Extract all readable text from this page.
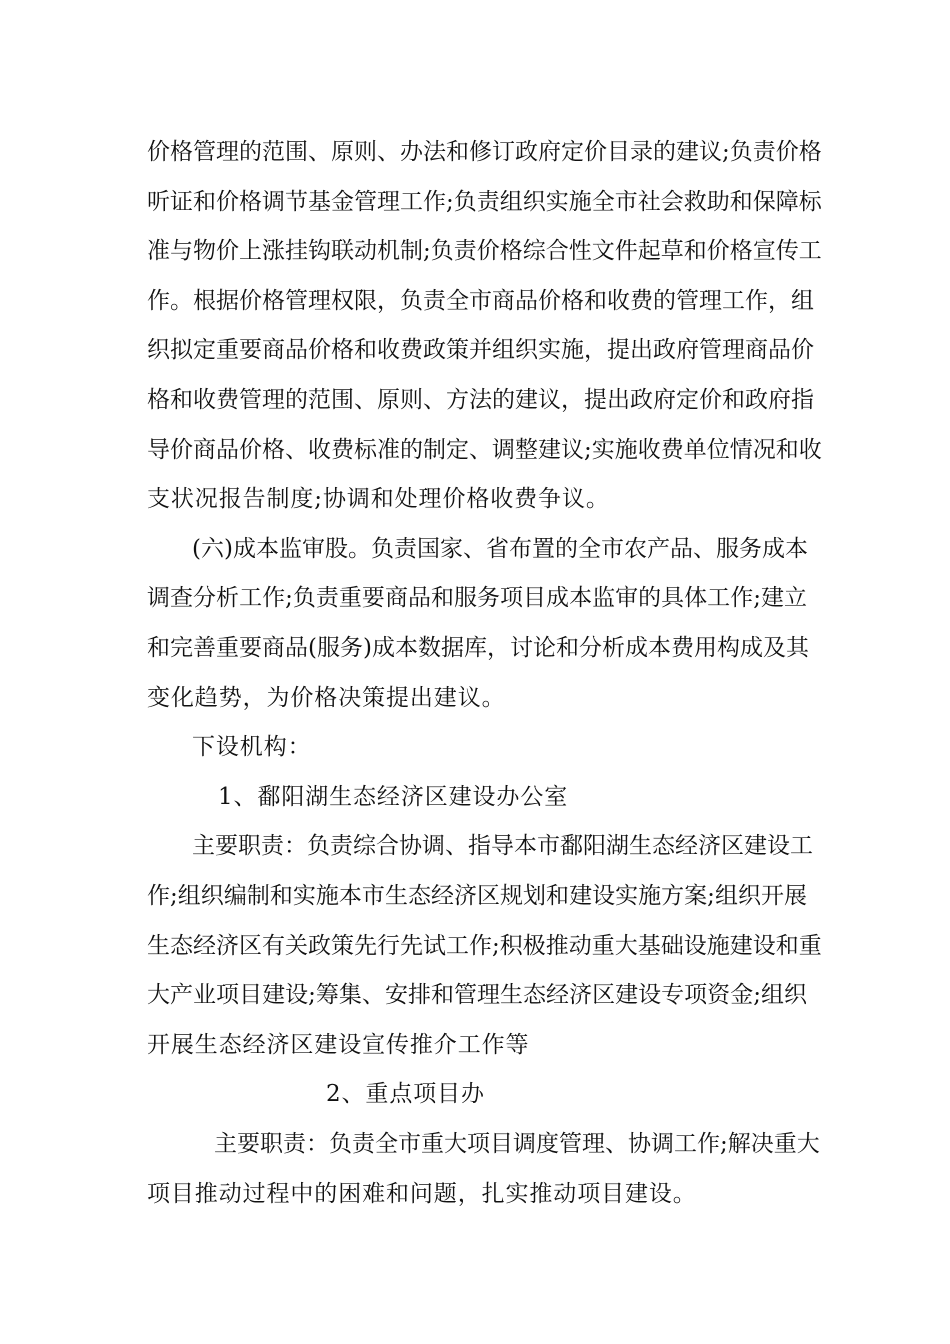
价格管理的范围、原则、办法和修订政府定价目录的建议;负责价格
听证和价格调节基金管理工作;负责组织实施全市社会救助和保障标
准与物价上涨挂钩联动机制;负责价格综合性文件起草和价格宣传工
作。根据价格管理权限，负责全市商品价格和收费的管理工作，组
织拟定重要商品价格和收费政策并组织实施，提出政府管理商品价
格和收费管理的范围、原则、方法的建议，提出政府定价和政府指
导价商品价格、收费标准的制定、调整建议;实施收费单位情况和收
支状况报告制度;协调和处理价格收费争议。
(六)成本监审股。负责国家、省布置的全市农产品、服务成本
调查分析工作;负责重要商品和服务项目成本监审的具体工作;建立
和完善重要商品(服务)成本数据库，讨论和分析成本费用构成及其
变化趋势，为价格决策提出建议。
下设机构：
1、鄱阳湖生态经济区建设办公室
主要职责：负责综合协调、指导本市鄱阳湖生态经济区建设工
作;组织编制和实施本市生态经济区规划和建设实施方案;组织开展
生态经济区有关政策先行先试工作;积极推动重大基础设施建设和重
大产业项目建设;筹集、安排和管理生态经济区建设专项资金;组织
开展生态经济区建设宣传推介工作等
2、重点项目办
主要职责：负责全市重大项目调度管理、协调工作;解决重大
项目推动过程中的困难和问题，扎实推动项目建设。
